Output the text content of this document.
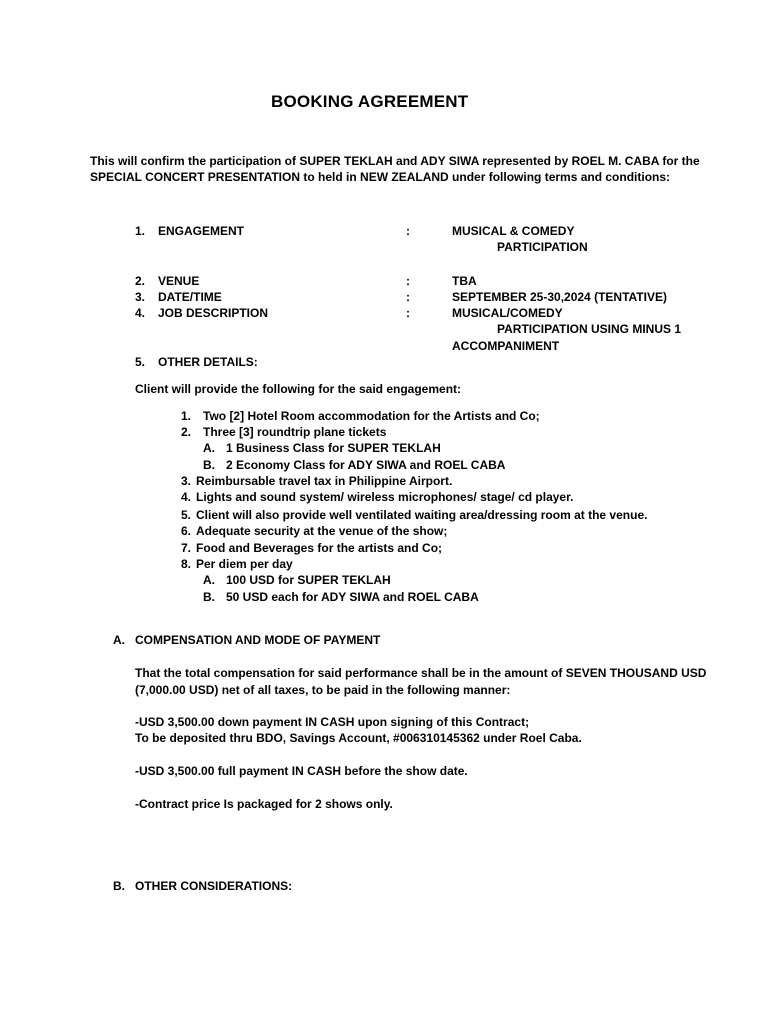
BOOKING AGREEMENT
This will confirm the participation of SUPER TEKLAH and ADY SIWA represented by ROEL M. CABA for the
SPECIAL CONCERT PRESENTATION to held in NEW ZEALAND under following terms and conditions:
1. ENGAGEMENT	:	MUSICAL & COMEDY
PARTICIPATION
2. VENUE	:	TBA
3. DATE/TIME	:	SEPTEMBER 25-30,2024 (TENTATIVE)
4. JOB DESCRIPTION	:	MUSICAL/COMEDY
PARTICIPATION USING MINUS 1
ACCOMPANIMENT
5. OTHER DETAILS:
Client will provide the following for the said engagement:
1. Two [2] Hotel Room accommodation for the Artists and Co;
2. Three [3] roundtrip plane tickets
A. 1 Business Class for SUPER TEKLAH
B. 2 Economy Class for ADY SIWA and ROEL CABA
3. Reimbursable travel tax in Philippine Airport.
4. Lights and sound system/ wireless microphones/ stage/ cd player.
5. Client will also provide well ventilated waiting area/dressing room at the venue.
6. Adequate security at the venue of the show;
7. Food and Beverages for the artists and Co;
8. Per diem per day
A. 100 USD for SUPER TEKLAH
B. 50 USD each for ADY SIWA and ROEL CABA
A. COMPENSATION AND MODE OF PAYMENT
That the total compensation for said performance shall be in the amount of SEVEN THOUSAND USD
(7,000.00 USD) net of all taxes, to be paid in the following manner:
-USD 3,500.00 down payment IN CASH upon signing of this Contract;
To be deposited thru BDO, Savings Account, #006310145362 under Roel Caba.
-USD 3,500.00 full payment IN CASH before the show date.
-Contract price Is packaged for 2 shows only.
B. OTHER CONSIDERATIONS:
